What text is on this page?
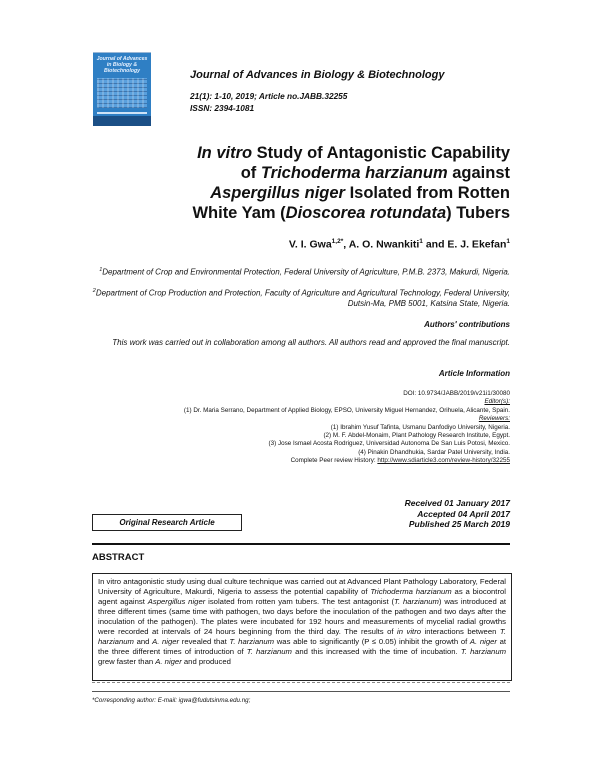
Journal of Advances in Biology & Biotechnology	Journal of Advances in Biology & Biotechnology
21(1): 1-10, 2019; Article no.JABB.32255
ISSN: 2394-1081
In vitro Study of Antagonistic Capability
of Trichoderma harzianum against
Aspergillus niger Isolated from Rotten
White Yam (Dioscorea rotundata) Tubers
V. I. Gwa$^{1,2*}$, A. O. Nwankiti$^1$ and E. J. Ekefan$^1$
$^1$Department of Crop and Environmental Protection, Federal University of Agriculture, P.M.B. 2373, Makurdi, Nigeria.
$^2$Department of Crop Production and Protection, Faculty of Agriculture and Agricultural Technology, Federal University, Dutsin-Ma, PMB 5001, Katsina State, Nigeria.
Authors' contributions
This work was carried out in collaboration among all authors. All authors read and approved the final manuscript.
Article Information
DOI: 10.9734/JABB/2019/v21i1/30080
Editor(s):
(1) Dr. Maria Serrano, Department of Applied Biology, EPSO, University Miguel Hernandez, Orihuela, Alicante, Spain.
Reviewers:
(1) Ibrahim Yusuf Tafinta, Usmanu Danfodiyo University, Nigeria.
(2) M. F. Abdel-Monaim, Plant Pathology Research Institute, Egypt.
(3) Jose Ismael Acosta Rodriguez, Universidad Autonoma De San Luis Potosi, Mexico.
(4) Pinakin Dhandhukia, Sardar Patel University, India.
Complete Peer review History: http://www.sdiarticle3.com/review-history/32255
Received 01 January 2017
Accepted 04 April 2017
Published 25 March 2019
Original Research Article
ABSTRACT
In vitro antagonistic study using dual culture technique was carried out at Advanced Plant Pathology Laboratory, Federal University of Agriculture, Makurdi, Nigeria to assess the potential capability of Trichoderma harzianum as a biocontrol agent against Aspergillus niger isolated from rotten yam tubers. The test antagonist (T. harzianum) was introduced at three different times (same time with pathogen, two days before the inoculation of the pathogen and two days after the inoculation of the pathogen). The plates were incubated for 192 hours and measurements of mycelial radial growths were recorded at intervals of 24 hours beginning from the third day. The results of in vitro interactions between T. harzianum and A. niger revealed that T. harzianum was able to significantly (P ≤ 0.05) inhibit the growth of A. niger at the three different times of introduction of T. harzianum and this increased with the time of incubation. T. harzianum grew faster than A. niger and produced
*Corresponding author: E-mail: igwa@fudutsinma.edu.ng;
